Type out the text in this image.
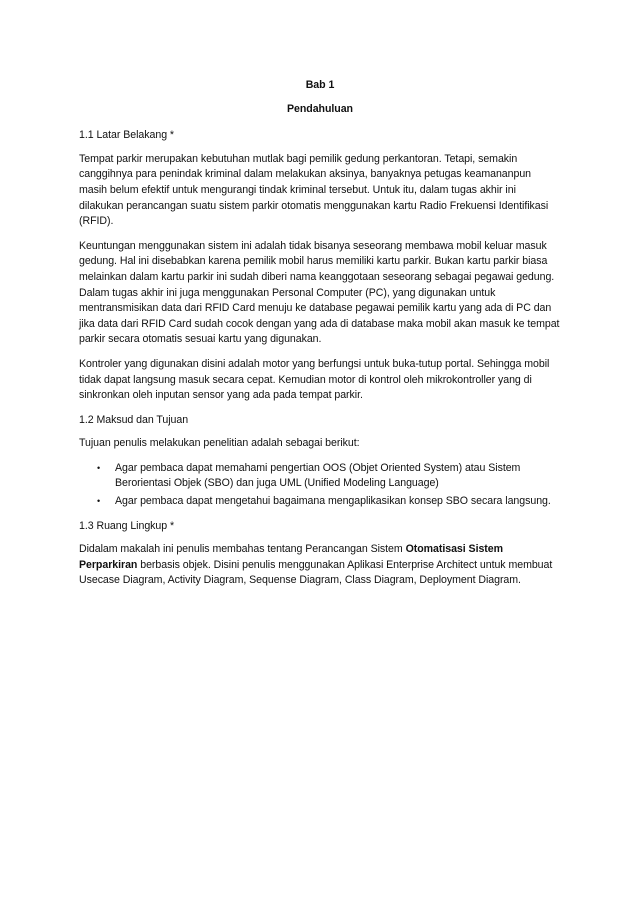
Bab 1
Pendahuluan
1.1 Latar Belakang *

Tempat parkir merupakan kebutuhan mutlak bagi pemilik gedung perkantoran. Tetapi, semakin canggihnya para penindak kriminal dalam melakukan aksinya, banyaknya petugas keamananpun masih belum efektif untuk mengurangi tindak kriminal tersebut. Untuk itu, dalam tugas akhir ini dilakukan perancangan suatu sistem parkir otomatis menggunakan kartu Radio Frekuensi Identifikasi (RFID).

Keuntungan menggunakan sistem ini adalah tidak bisanya seseorang membawa mobil keluar masuk gedung. Hal ini disebabkan karena pemilik mobil harus memiliki kartu parkir. Bukan kartu parkir biasa melainkan dalam kartu parkir ini sudah diberi nama keanggotaan seseorang sebagai pegawai gedung. Dalam tugas akhir ini juga menggunakan Personal Computer (PC), yang digunakan untuk mentransmisikan data dari RFID Card menuju ke database pegawai pemilik kartu yang ada di PC dan jika data dari RFID Card sudah cocok dengan yang ada di database maka mobil akan masuk ke tempat parkir secara otomatis sesuai kartu yang digunakan.

Kontroler yang digunakan disini adalah motor yang berfungsi untuk buka-tutup portal. Sehingga mobil tidak dapat langsung masuk secara cepat. Kemudian motor di kontrol oleh mikrokontroller yang di sinkronkan oleh inputan sensor yang ada pada tempat parkir.

1.2 Maksud dan Tujuan

Tujuan penulis melakukan penelitian adalah sebagai berikut:

• Agar pembaca dapat memahami pengertian OOS (Objet Oriented System) atau Sistem Berorientasi Objek (SBO) dan juga UML (Unified Modeling Language)
• Agar pembaca dapat mengetahui bagaimana mengaplikasikan konsep SBO secara langsung.
1.3 Ruang Lingkup *

Didalam makalah ini penulis membahas tentang Perancangan Sistem Otomatisasi Sistem Perparkiran berbasis objek. Disini penulis menggunakan Aplikasi Enterprise Architect untuk membuat Usecase Diagram, Activity Diagram, Sequense Diagram, Class Diagram, Deployment Diagram.
